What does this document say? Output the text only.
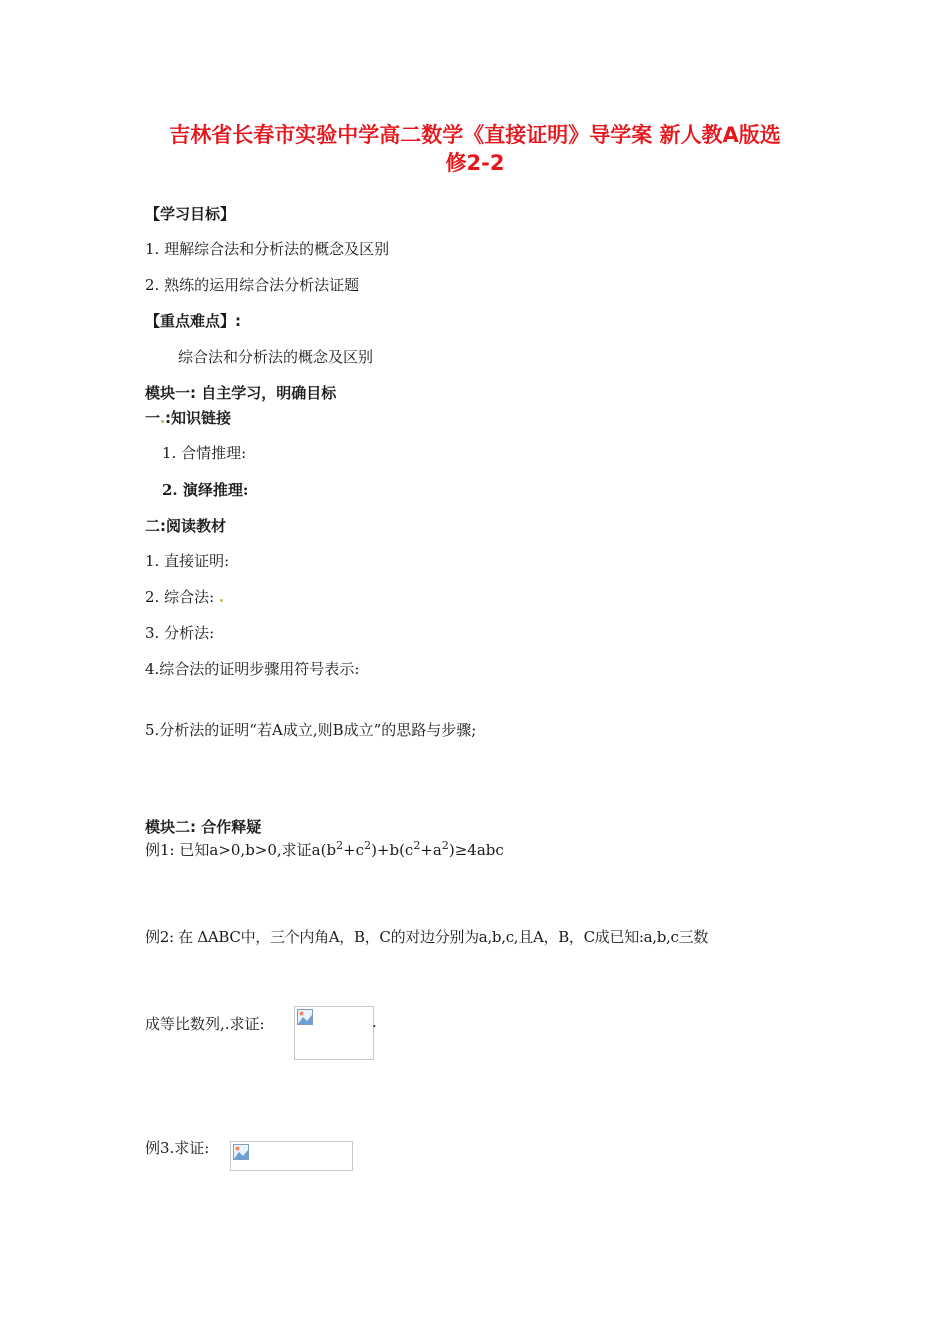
吉林省长春市实验中学高二数学《直接证明》导学案 新人教A版选
修2-2
【学习目标】
1. 理解综合法和分析法的概念及区别
2. 熟练的运用综合法分析法证题
【重点难点】:
综合法和分析法的概念及区别
模块一: 自主学习，明确目标
一 :知识链接
1. 合情推理:
2. 演绎推理:
二:阅读教材
1. 直接证明:
2. 综合法:
3. 分析法:
4.综合法的证明步骤用符号表示:
5.分析法的证明“若A成立,则B成立”的思路与步骤;
模块二: 合作释疑
例1: 已知a>0,b>0,求证$a(b^2+c^2)+b(c^2+a^2)\ge 4abc$
例2: 在 ΔABC中，三个内角A，B，C的对边分别为a,b,c,且A，B，C成已知:a,b,c三数
成等比数列,.求证:	.
例3.求证:
